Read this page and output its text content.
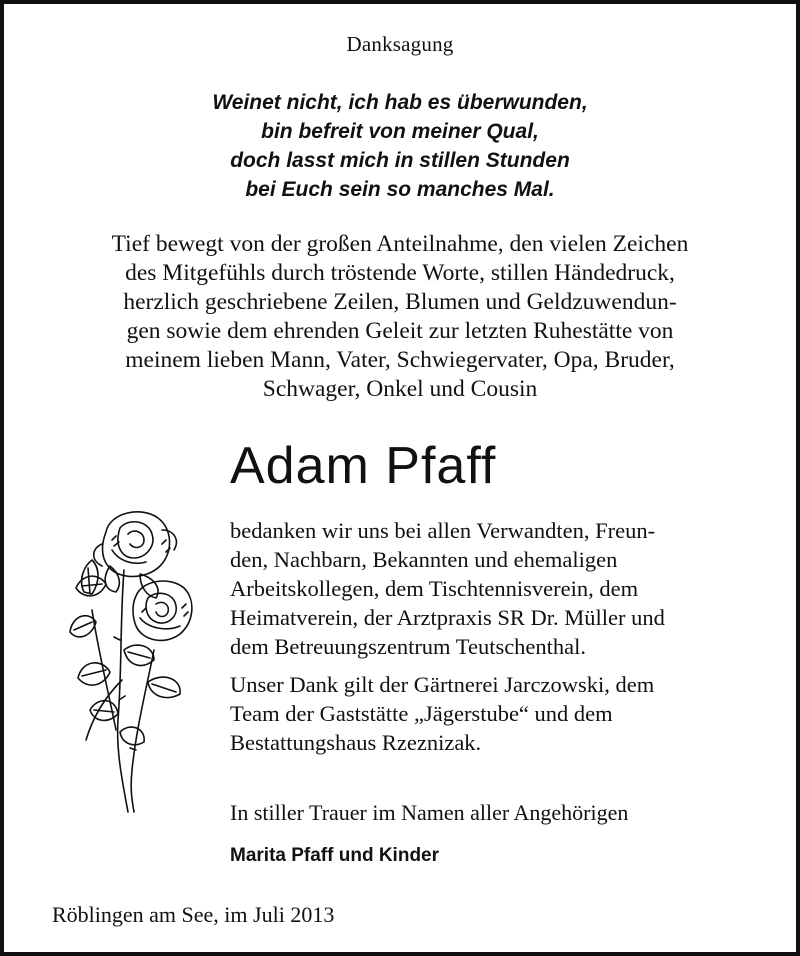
Danksagung
Weinet nicht, ich hab es überwunden,
bin befreit von meiner Qual,
doch lasst mich in stillen Stunden
bei Euch sein so manches Mal.
Tief bewegt von der großen Anteilnahme, den vielen Zeichen
des Mitgefühls durch tröstende Worte, stillen Händedruck,
herzlich geschriebene Zeilen, Blumen und Geldzuwendun-
gen sowie dem ehrenden Geleit zur letzten Ruhestätte von
meinem lieben Mann, Vater, Schwiegervater, Opa, Bruder,
Schwager, Onkel und Cousin
Adam Pfaff
bedanken wir uns bei allen Verwandten, Freun-
den, Nachbarn, Bekannten und ehemaligen
Arbeitskollegen, dem Tischtennisverein, dem
Heimatverein, der Arztpraxis SR Dr. Müller und
dem Betreuungszentrum Teutschenthal.
Unser Dank gilt der Gärtnerei Jarczowski, dem
Team der Gaststätte „Jägerstube“ und dem
Bestattungshaus Rzeznizak.
In stiller Trauer im Namen aller Angehörigen
Marita Pfaff und Kinder
Röblingen am See, im Juli 2013
